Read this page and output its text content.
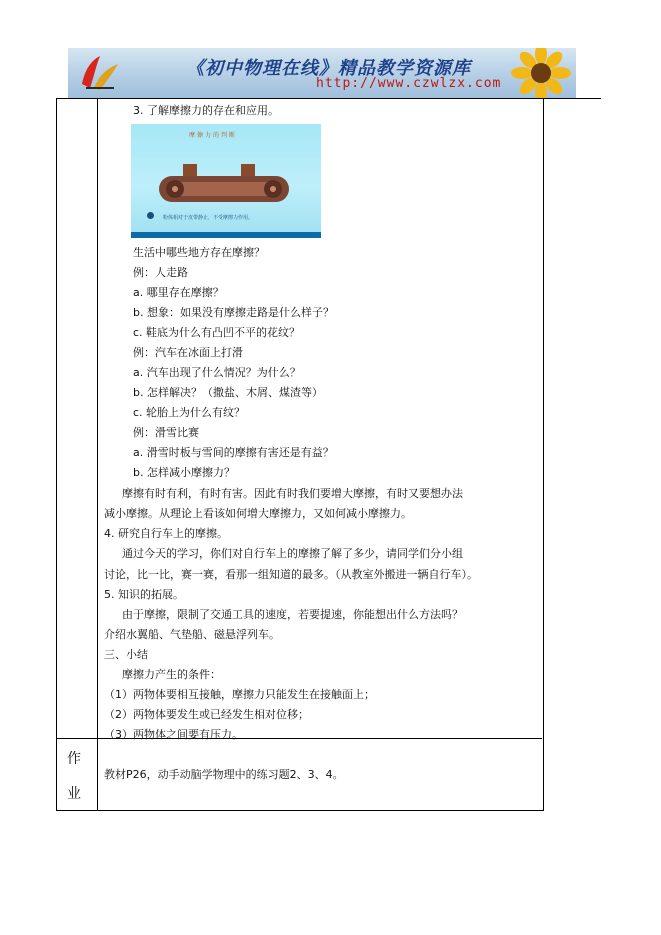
《初中物理在线》精品教学资源库
http://www.czwlzx.com
3. 了解摩擦力的存在和应用。
摩擦力的判断
粉体相对于皮带静止，不受摩擦力作用。
生活中哪些地方存在摩擦？
例：人走路
a. 哪里存在摩擦？
b. 想象：如果没有摩擦走路是什么样子？
c. 鞋底为什么有凸凹不平的花纹？
例：汽车在冰面上打滑
a. 汽车出现了什么情况？为什么？
b. 怎样解决？（撒盐、木屑、煤渣等）
c. 轮胎上为什么有纹？
例：滑雪比赛
a. 滑雪时板与雪间的摩擦有害还是有益？
b. 怎样减小摩擦力？
摩擦有时有利，有时有害。因此有时我们要增大摩擦，有时又要想办法
减小摩擦。从理论上看该如何增大摩擦力，又如何减小摩擦力。
4. 研究自行车上的摩擦。
通过今天的学习，你们对自行车上的摩擦了解了多少，请同学们分小组
讨论，比一比，赛一赛，看那一组知道的最多。（从教室外搬进一辆自行车）。
5. 知识的拓展。
由于摩擦，限制了交通工具的速度，若要提速，你能想出什么方法吗？
介绍水翼船、气垫船、磁悬浮列车。
三、小结
摩擦力产生的条件：
（1）两物体要相互接触，摩擦力只能发生在接触面上；
（2）两物体要发生或已经发生相对位移；
（3）两物体之间要有压力。
作
业
教材P26，动手动脑学物理中的练习题2、3、4。
